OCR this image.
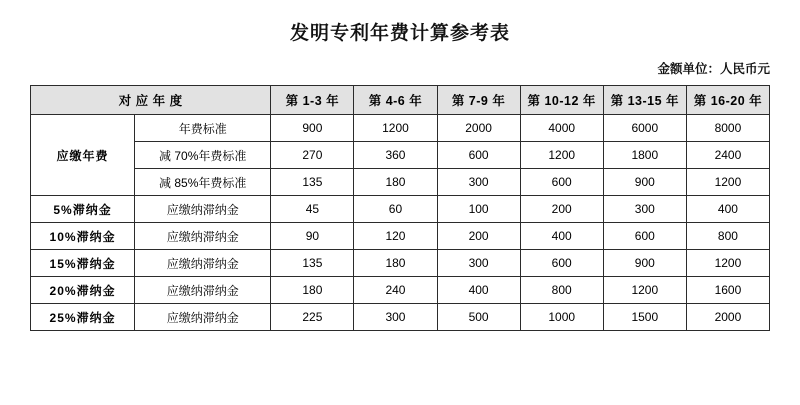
发明专利年费计算参考表
金额单位：人民币元
对 应 年 度		第 1-3 年	第 4-6 年	第 7-9 年	第 10-12 年	第 13-15 年	第 16-20 年
应缴年费	年费标准	900	1200	2000	4000	6000	8000
	减 70%年费标准	270	360	600	1200	1800	2400
	减 85%年费标准	135	180	300	600	900	1200
5%滞纳金	应缴纳滞纳金	45	60	100	200	300	400
10%滞纳金	应缴纳滞纳金	90	120	200	400	600	800
15%滞纳金	应缴纳滞纳金	135	180	300	600	900	1200
20%滞纳金	应缴纳滞纳金	180	240	400	800	1200	1600
25%滞纳金	应缴纳滞纳金	225	300	500	1000	1500	2000
